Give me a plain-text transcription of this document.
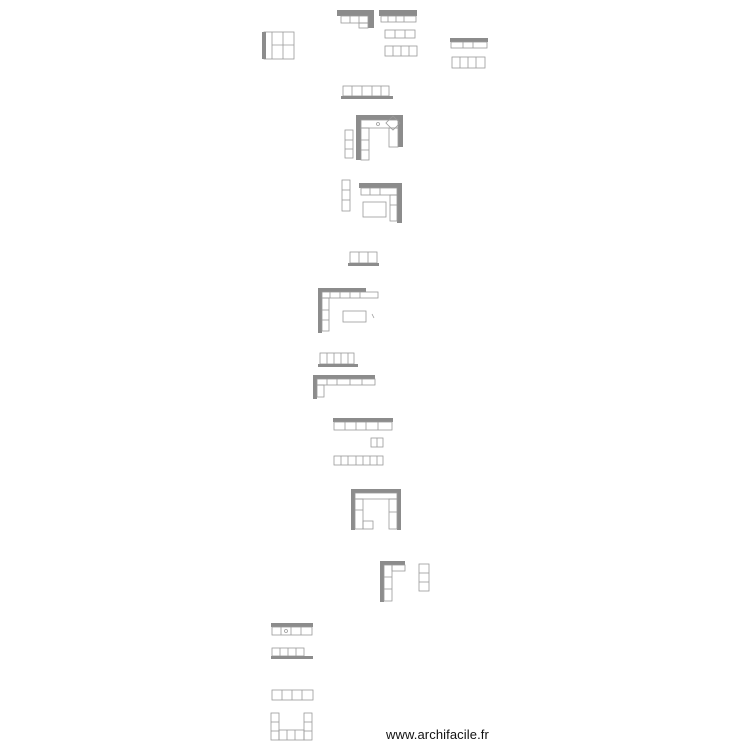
www.archifacile.fr
